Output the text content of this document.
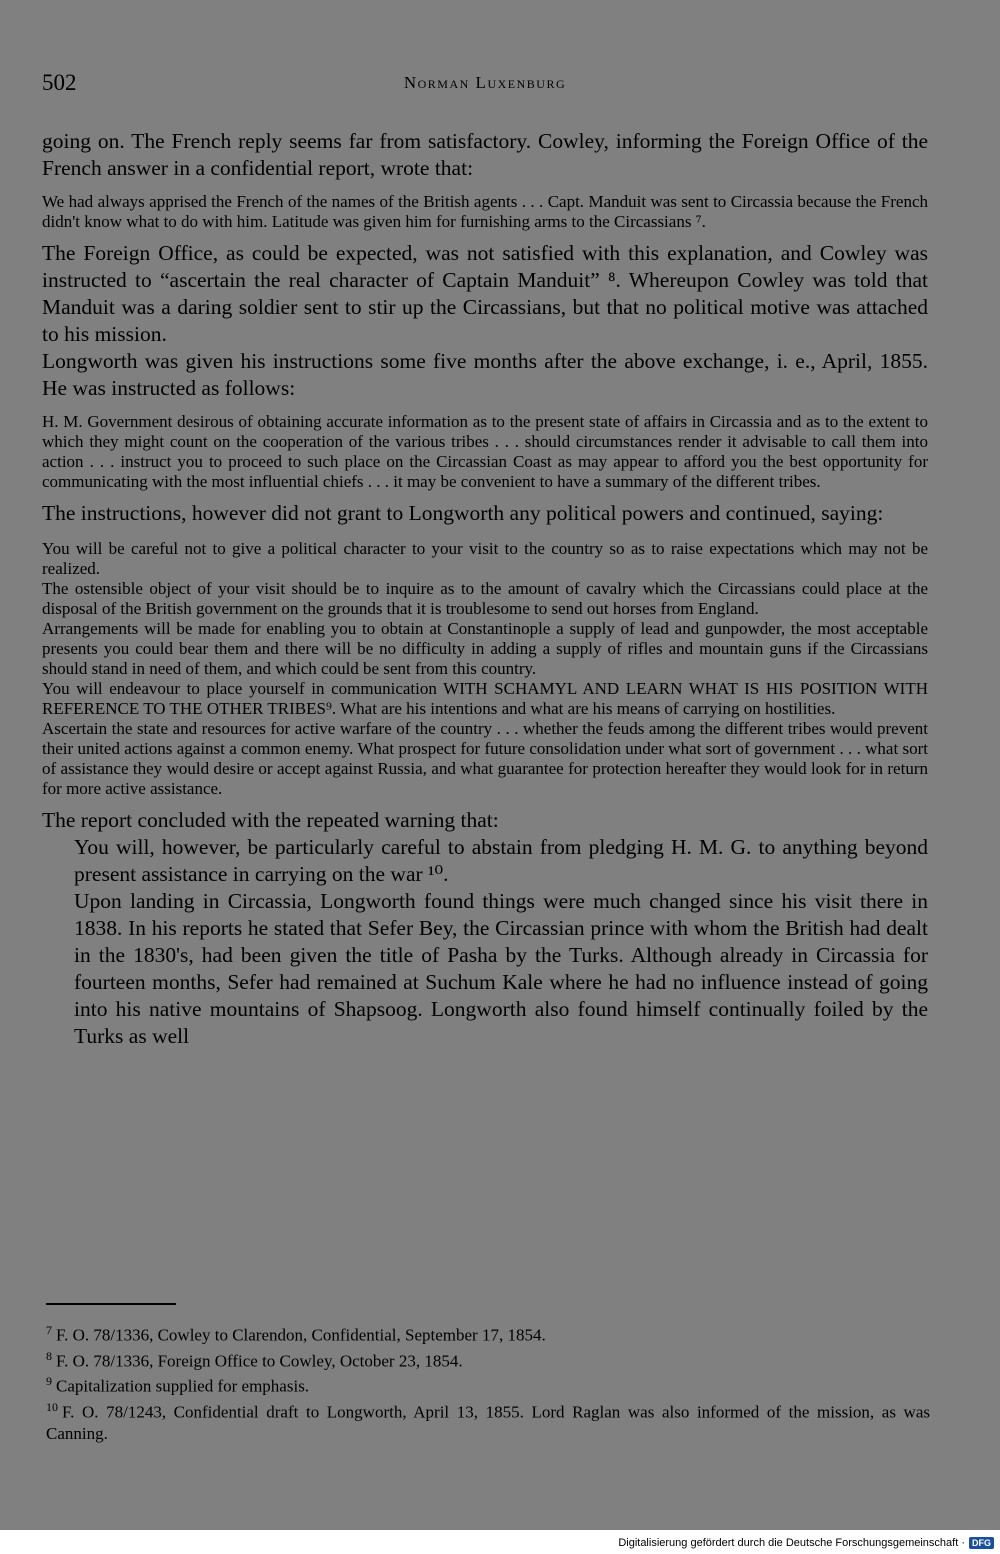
502	Norman Luxenburg

going on. The French reply seems far from satisfactory. Cowley, informing the Foreign Office of the French answer in a confidential report, wrote that:

We had always apprised the French of the names of the British agents . . . Capt. Manduit was sent to Circassia because the French didn't know what to do with him. Latitude was given him for furnishing arms to the Circassians ⁷.

The Foreign Office, as could be expected, was not satisfied with this explanation, and Cowley was instructed to “ascertain the real character of Captain Manduit” ⁸. Whereupon Cowley was told that Manduit was a daring soldier sent to stir up the Circassians, but that no political motive was attached to his mission.

Longworth was given his instructions some five months after the above exchange, i. e., April, 1855. He was instructed as follows:

H. M. Government desirous of obtaining accurate information as to the present state of affairs in Circassia and as to the extent to which they might count on the cooperation of the various tribes . . . should circumstances render it advisable to call them into action . . . instruct you to proceed to such place on the Circassian Coast as may appear to afford you the best opportunity for communicating with the most influential chiefs . . . it may be convenient to have a summary of the different tribes.

The instructions, however did not grant to Longworth any political powers and continued, saying:

You will be careful not to give a political character to your visit to the country so as to raise expectations which may not be realized.

The ostensible object of your visit should be to inquire as to the amount of cavalry which the Circassians could place at the disposal of the British government on the grounds that it is troublesome to send out horses from England.

Arrangements will be made for enabling you to obtain at Constantinople a supply of lead and gunpowder, the most acceptable presents you could bear them and there will be no difficulty in adding a supply of rifles and mountain guns if the Circassians should stand in need of them, and which could be sent from this country.

You will endeavour to place yourself in communication WITH SCHAMYL AND LEARN WHAT IS HIS POSITION WITH REFERENCE TO THE OTHER TRIBES⁹. What are his intentions and what are his means of carrying on hostilities.

Ascertain the state and resources for active warfare of the country . . . whether the feuds among the different tribes would prevent their united actions against a common enemy. What prospect for future consolidation under what sort of government . . . what sort of assistance they would desire or accept against Russia, and what guarantee for protection hereafter they would look for in return for more active assistance.

The report concluded with the repeated warning that:

You will, however, be particularly careful to abstain from pledging H. M. G. to anything beyond present assistance in carrying on the war ¹⁰.

Upon landing in Circassia, Longworth found things were much changed since his visit there in 1838. In his reports he stated that Sefer Bey, the Circassian prince with whom the British had dealt in the 1830's, had been given the title of Pasha by the Turks. Although already in Circassia for fourteen months, Sefer had remained at Suchum Kale where he had no influence instead of going into his native mountains of Shapsoog. Longworth also found himself continually foiled by the Turks as well

$^7$ F. O. 78/1336, Cowley to Clarendon, Confidential, September 17, 1854.

$^8$ F. O. 78/1336, Foreign Office to Cowley, October 23, 1854.

$^9$ Capitalization supplied for emphasis.

$^{10}$ F. O. 78/1243, Confidential draft to Longworth, April 13, 1855. Lord Raglan was also informed of the mission, as was Canning.

Digitalisierung gefördert durch die Deutsche Forschungsgemeinschaft · DFG
